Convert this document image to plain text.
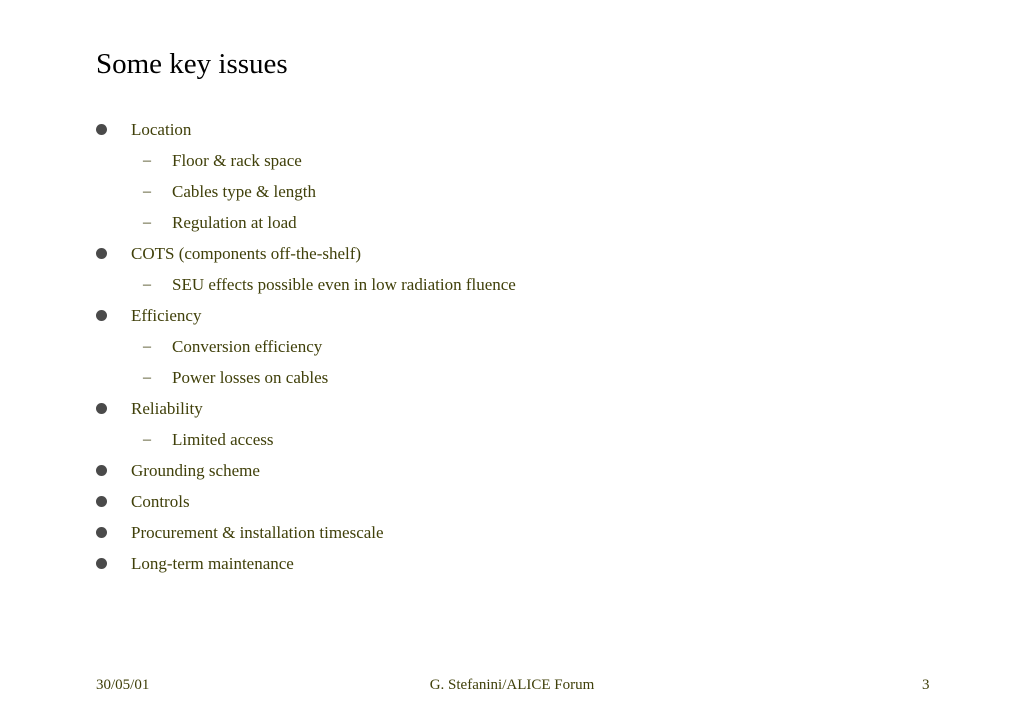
Some key issues
Location
– Floor & rack space
– Cables type & length
– Regulation at load
COTS (components off-the-shelf)
– SEU effects possible even in low radiation fluence
Efficiency
– Conversion efficiency
– Power losses on cables
Reliability
– Limited access
Grounding scheme
Controls
Procurement & installation timescale
Long-term maintenance
30/05/01	G. Stefanini/ALICE Forum	3
